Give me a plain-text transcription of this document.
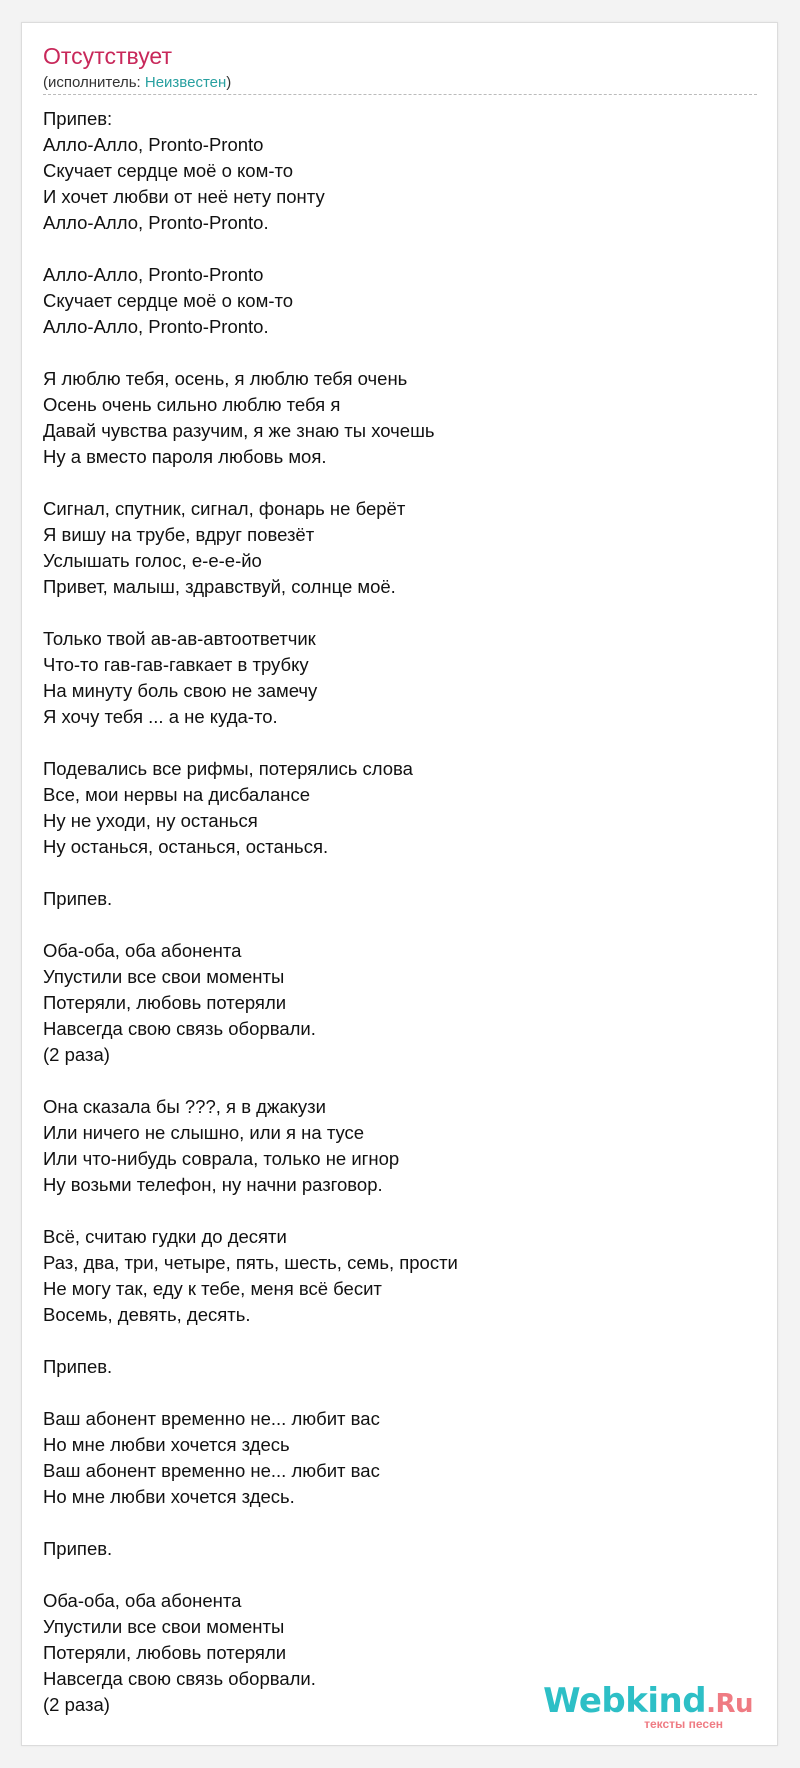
Отсутствует
(исполнитель: Неизвестен)
Припев:
Алло-Алло, Pronto-Pronto
Скучает сердце моё о ком-то
И хочет любви от неё нету понту
Алло-Алло, Pronto-Pronto.

Алло-Алло, Pronto-Pronto
Скучает сердце моё о ком-то
Алло-Алло, Pronto-Pronto.

Я люблю тебя, осень, я люблю тебя очень
Осень очень сильно люблю тебя я
Давай чувства разучим, я же знаю ты хочешь
Ну а вместо пароля любовь моя.

Сигнал, спутник, сигнал, фонарь не берёт
Я вишу на трубе, вдруг повезёт
Услышать голос, е-е-е-йо
Привет, малыш, здравствуй, солнце моё.

Только твой ав-ав-автоответчик
Что-то гав-гав-гавкает в трубку
На минуту боль свою не замечу
Я хочу тебя ... а не куда-то.

Подевались все рифмы, потерялись слова
Все, мои нервы на дисбалансе
Ну не уходи, ну останься
Ну останься, останься, останься.

Припев.

Оба-оба, оба абонента
Упустили все свои моменты
Потеряли, любовь потеряли
Навсегда свою связь оборвали.
(2 раза)

Она сказала бы ???, я в джакузи
Или ничего не слышно, или я на тусе
Или что-нибудь соврала, только не игнор
Ну возьми телефон, ну начни разговор.

Всё, считаю гудки до десяти
Раз, два, три, четыре, пять, шесть, семь, прости
Не могу так, еду к тебе, меня всё бесит
Восемь, девять, десять.

Припев.

Ваш абонент временно не... любит вас
Но мне любви хочется здесь
Ваш абонент временно не... любит вас
Но мне любви хочется здесь.

Припев.

Оба-оба, оба абонента
Упустили все свои моменты
Потеряли, любовь потеряли
Навсегда свою связь оборвали.
(2 раза)	Webkind.Ru
тексты песен
